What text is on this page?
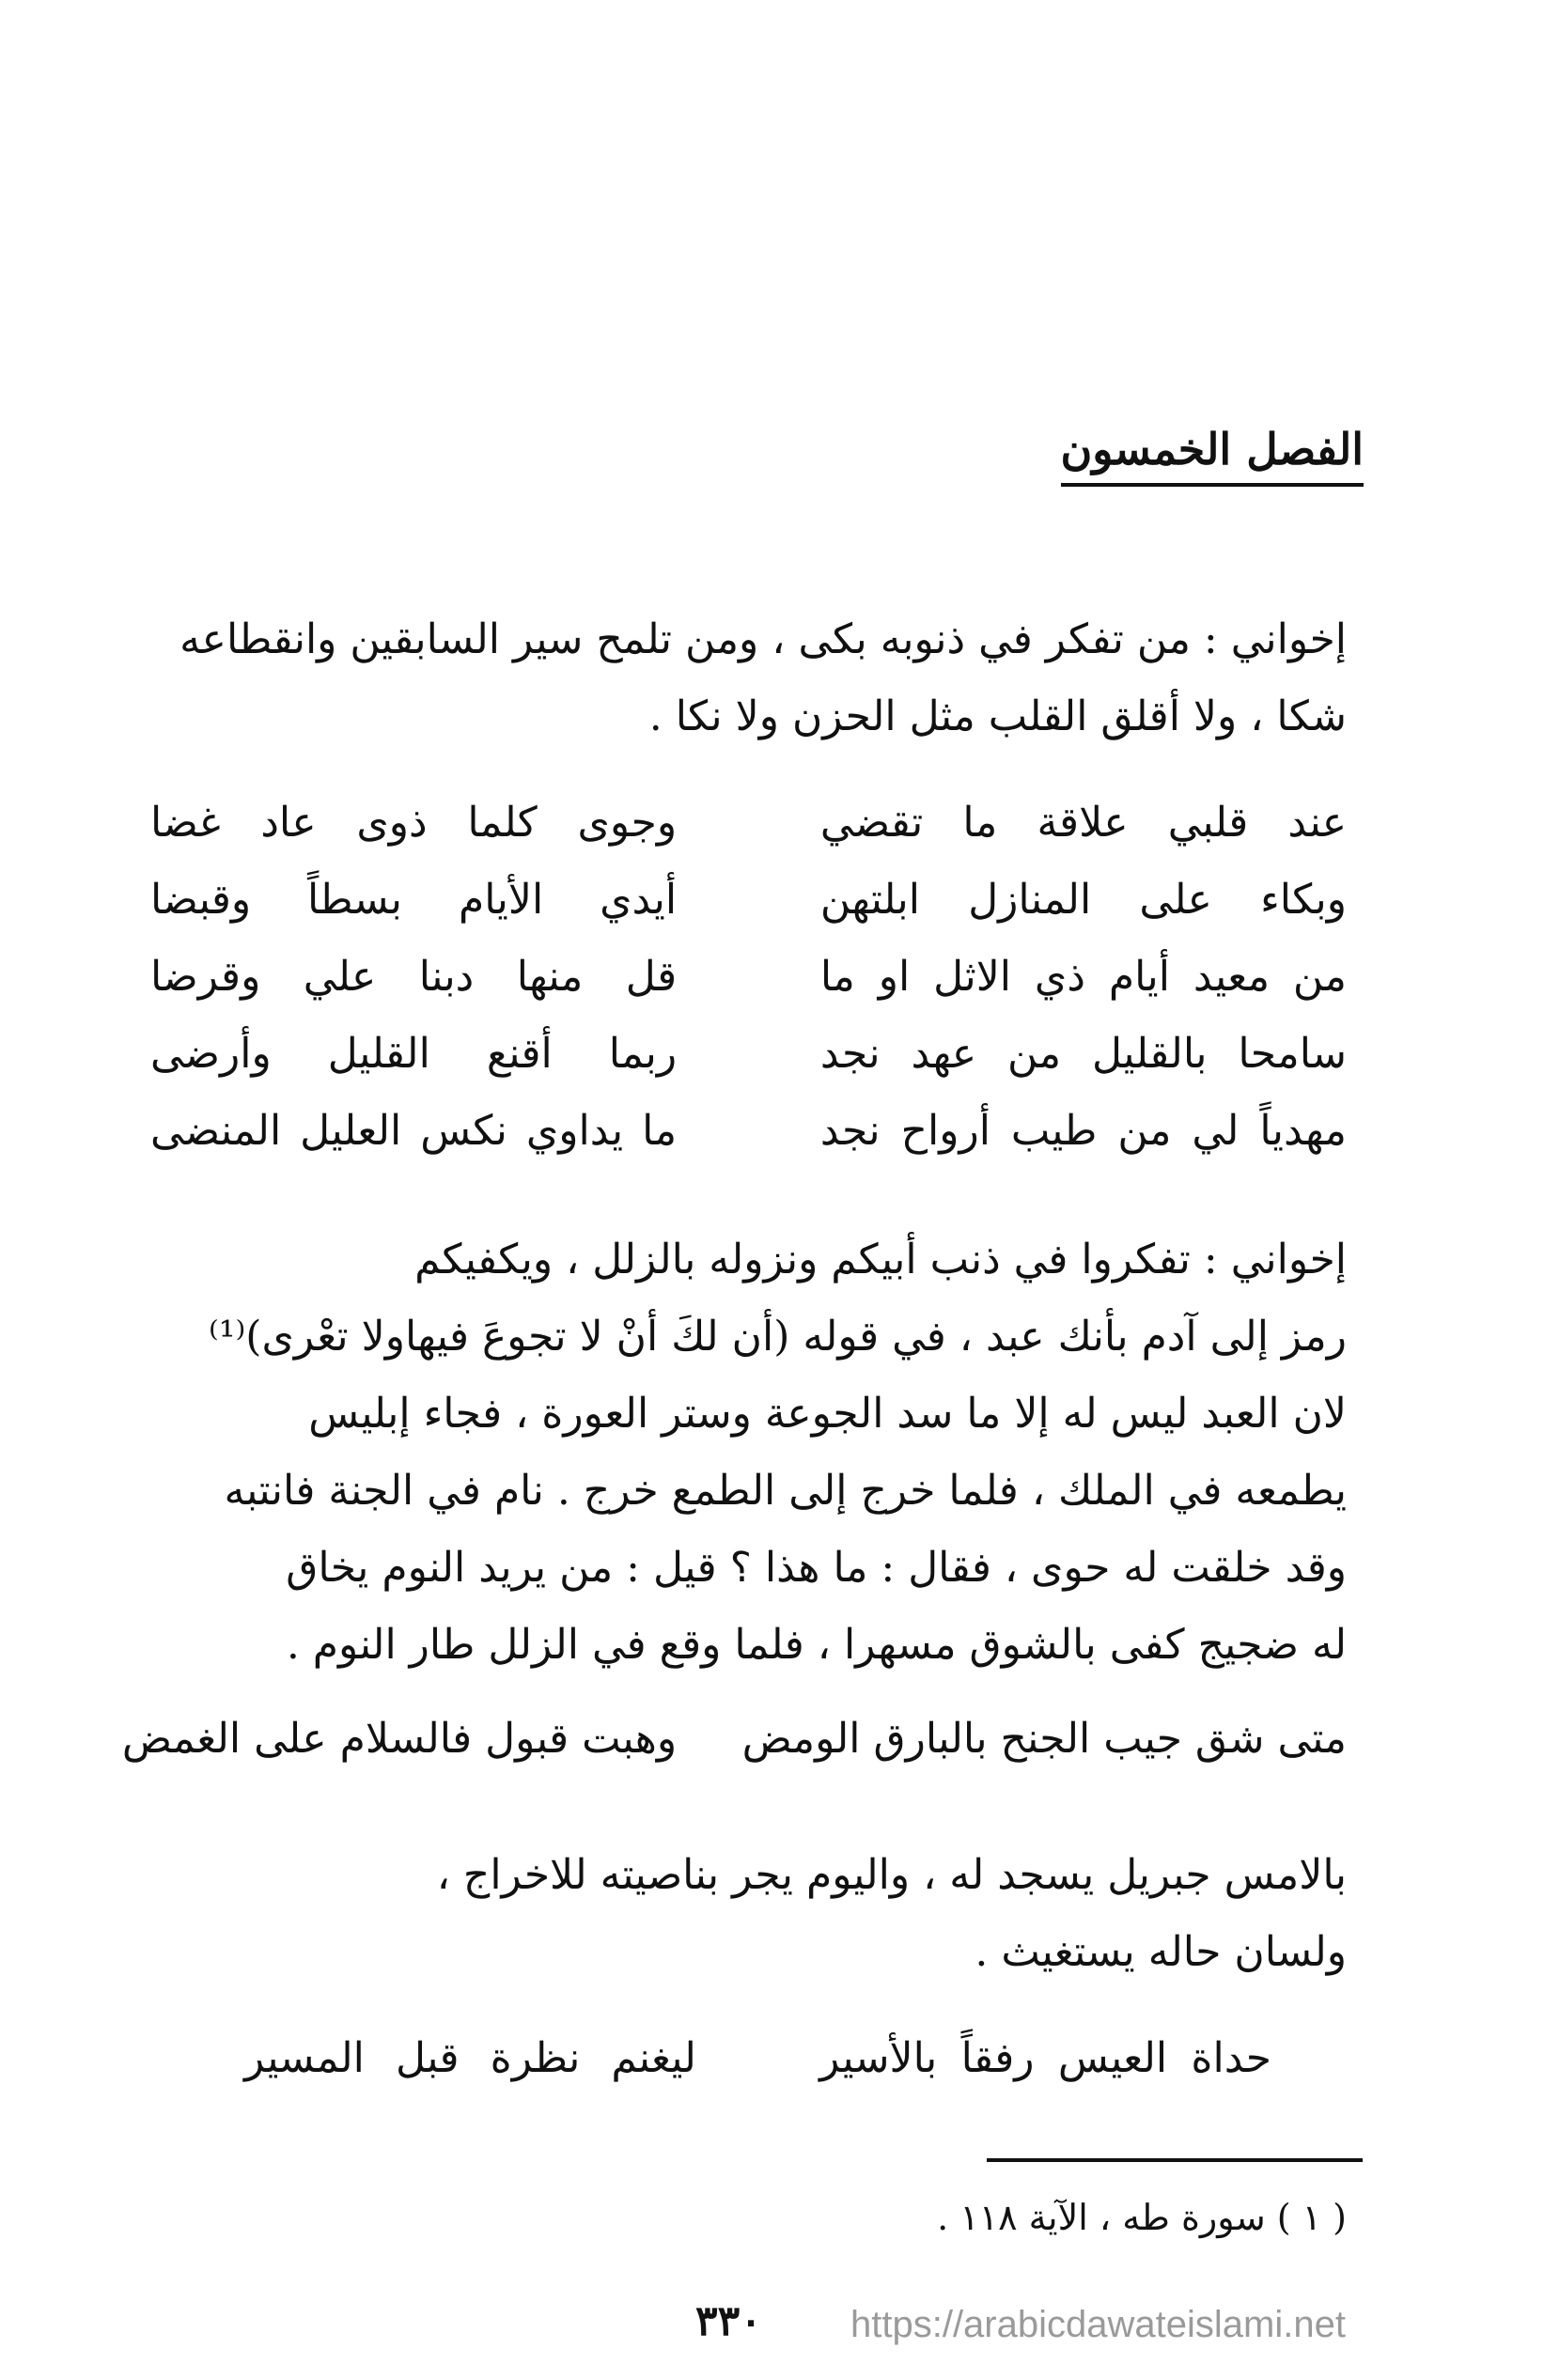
الفصل الخمسون
إخواني : من تفكر في ذنوبه بكى ، ومن تلمح سير السابقين وانقطاعه
شكا ، ولا أقلق القلب مثل الحزن ولا نكا .
عند قلبي علاقة ما تقضي
وجوى كلما ذوى عاد غضا
وبكاء على المنازل ابلتهن
أيدي الأيام بسطاً وقبضا
من معيد أيام ذي الاثل او ما
قل منها دبنا علي وقرضا
سامحا بالقليل من عهد نجد
ربما أقنع القليل وأرضى
مهدياً لي من طيب أرواح نجد
ما يداوي نكس العليل المنضى
إخواني : تفكروا في ذنب أبيكم ونزوله بالزلل ، ويكفيكم
رمز إلى آدم بأنك عبد ، في قوله (أن لكَ أنْ لا تجوعَ فيهاولا تعْرى)⁽¹⁾
لان العبد ليس له إلا ما سد الجوعة وستر العورة ، فجاء إبليس
يطمعه في الملك ، فلما خرج إلى الطمع خرج . نام في الجنة فانتبه
وقد خلقت له حوى ، فقال : ما هذا ؟ قيل : من يريد النوم يخاق
له ضجيج كفى بالشوق مسهرا ، فلما وقع في الزلل طار النوم .
متى شق جيب الجنح بالبارق الومض
وهبت قبول فالسلام على الغمض
بالامس جبريل يسجد له ، واليوم يجر بناصيته للاخراج ،
ولسان حاله يستغيث .
حداة العيس رفقاً بالأسير
ليغنم نظرة قبل المسير
( ١ ) سورة طه ، الآية ١١٨ .
٣٣٠ https://arabicdawateislami.net
